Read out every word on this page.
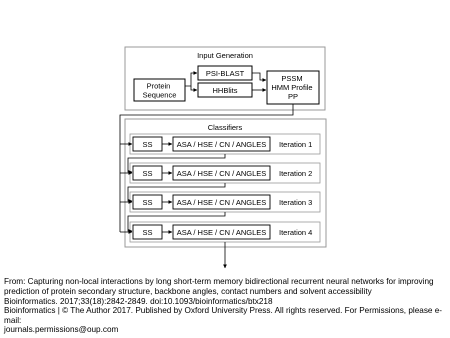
Input Generation
Protein Sequence
PSI-BLAST
HHBlits
PSSM HMM Profile PP
Classifiers
SS	ASA / HSE / CN / ANGLES Iteration 1
SS	ASA / HSE / CN / ANGLES Iteration 2
SS	ASA / HSE / CN / ANGLES Iteration 3
SS	ASA / HSE / CN / ANGLES Iteration 4
From: Capturing non-local interactions by long short-term memory bidirectional recurrent neural networks for improving prediction of protein secondary structure, backbone angles, contact numbers and solvent accessibility
Bioinformatics. 2017;33(18):2842-2849. doi:10.1093/bioinformatics/btx218
Bioinformatics | © The Author 2017. Published by Oxford University Press. All rights reserved. For Permissions, please e-mail:
journals.permissions@oup.com
